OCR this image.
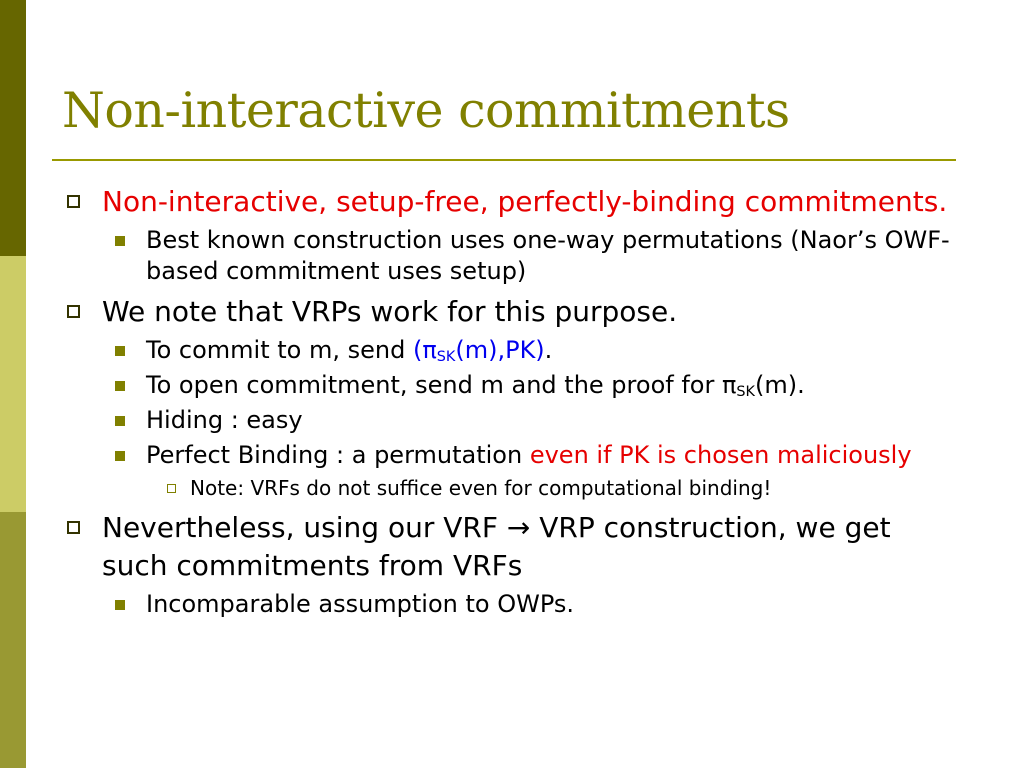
Non-interactive commitments
Non-interactive, setup-free, perfectly-binding commitments.
Best known construction uses one-way permutations (Naor’s OWF-based commitment uses setup)
We note that VRPs work for this purpose.
To commit to m, send $(\pi_{SK}(m),PK)$.
To open commitment, send m and the proof for $\pi_{SK}(m)$.
Hiding : easy
Perfect Binding : a permutation even if PK is chosen maliciously
Note: VRFs do not suffice even for computational binding!
Nevertheless, using our VRF → VRP construction, we get such commitments from VRFs
Incomparable assumption to OWPs.
